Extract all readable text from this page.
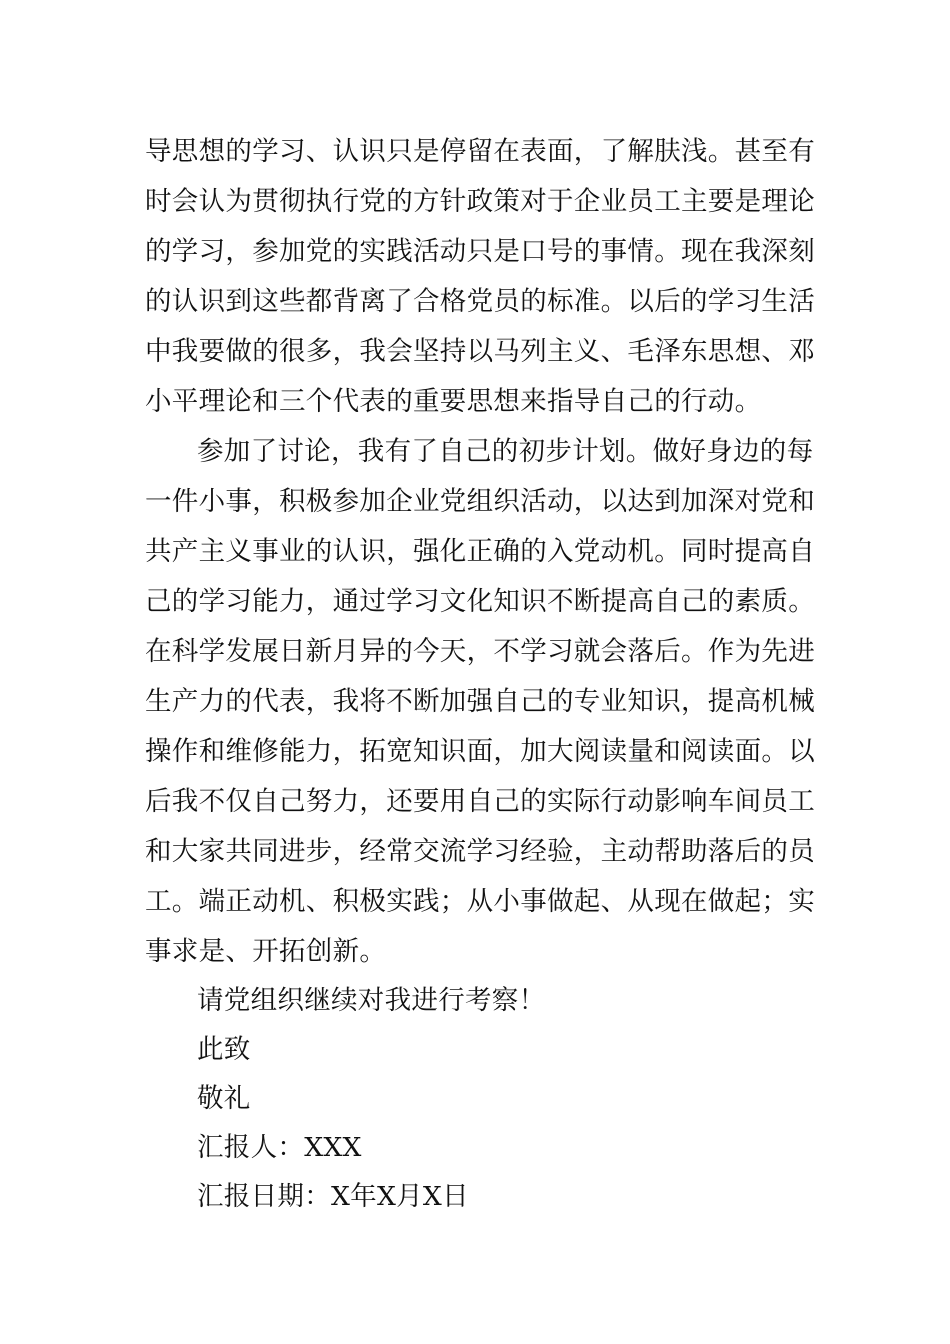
导思想的学习、认识只是停留在表面，了解肤浅。甚至有
时会认为贯彻执行党的方针政策对于企业员工主要是理论
的学习，参加党的实践活动只是口号的事情。现在我深刻
的认识到这些都背离了合格党员的标准。以后的学习生活
中我要做的很多，我会坚持以马列主义、毛泽东思想、邓
小平理论和三个代表的重要思想来指导自己的行动。
参加了讨论，我有了自己的初步计划。做好身边的每
一件小事，积极参加企业党组织活动，以达到加深对党和
共产主义事业的认识，强化正确的入党动机。同时提高自
己的学习能力，通过学习文化知识不断提高自己的素质。
在科学发展日新月异的今天，不学习就会落后。作为先进
生产力的代表，我将不断加强自己的专业知识，提高机械
操作和维修能力，拓宽知识面，加大阅读量和阅读面。以
后我不仅自己努力，还要用自己的实际行动影响车间员工
和大家共同进步，经常交流学习经验，主动帮助落后的员
工。端正动机、积极实践；从小事做起、从现在做起；实
事求是、开拓创新。
请党组织继续对我进行考察！
此致
敬礼
汇报人：XXX
汇报日期：X年X月X日
